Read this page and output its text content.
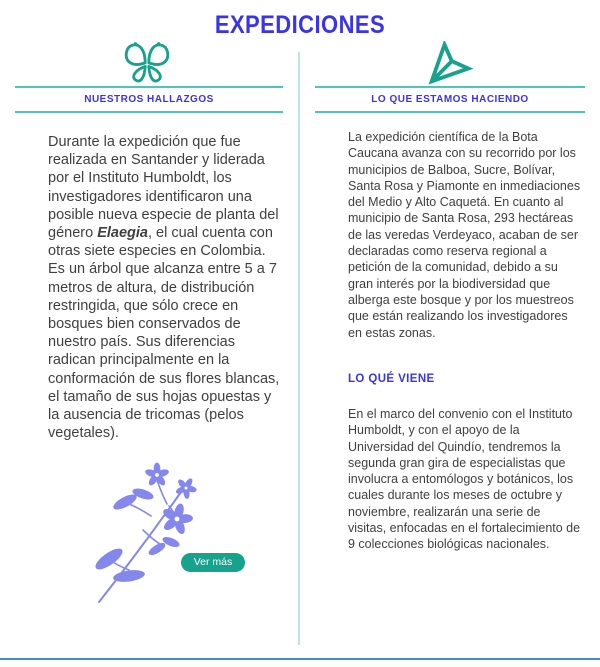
EXPEDICIONES
NUESTROS HALLAZGOS	LO QUE ESTAMOS HACIENDO
Durante la expedición que fue realizada en Santander y liderada por el Instituto Humboldt, los investigadores identificaron una posible nueva especie de planta del género Elaegia, el cual cuenta con otras siete especies en Colombia. Es un árbol que alcanza entre 5 a 7 metros de altura, de distribución restringida, que sólo crece en bosques bien conservados de nuestro país. Sus diferencias radican principalmente en la conformación de sus flores blancas, el tamaño de sus hojas opuestas y la ausencia de tricomas (pelos vegetales).
Ver más
La expedición científica de la Bota Caucana avanza con su recorrido por los municipios de Balboa, Sucre, Bolívar, Santa Rosa y Piamonte en inmediaciones del Medio y Alto Caquetá. En cuanto al municipio de Santa Rosa, 293 hectáreas de las veredas Verdeyaco, acaban de ser declaradas como reserva regional a petición de la comunidad, debido a su gran interés por la biodiversidad que alberga este bosque y por los muestreos que están realizando los investigadores en estas zonas.
LO QUÉ VIENE
En el marco del convenio con el Instituto Humboldt, y con el apoyo de la Universidad del Quindío, tendremos la segunda gran gira de especialistas que involucra a entomólogos y botánicos, los cuales durante los meses de octubre y noviembre, realizarán una serie de visitas, enfocadas en el fortalecimiento de 9 colecciones biológicas nacionales.
